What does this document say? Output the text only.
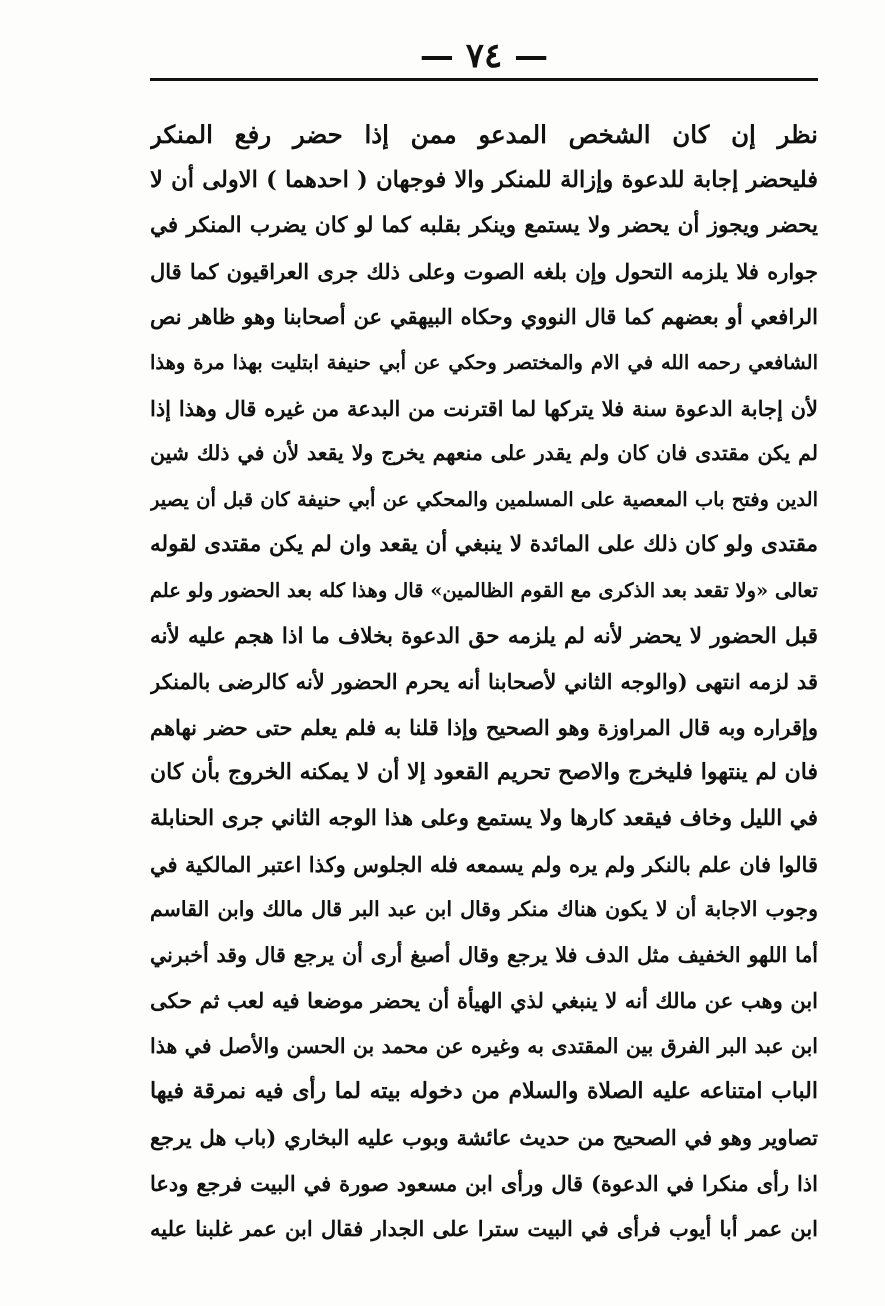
— ٧٤ —
نظر إن كان الشخص المدعو ممن إذا حضر رفع المنكر
فليحضر إجابة للدعوة وإزالة للمنكر والا فوجهان ( احدهما ) الاولى أن لا
يحضر ويجوز أن يحضر ولا يستمع وينكر بقلبه كما لو كان يضرب المنكر في
جواره فلا يلزمه التحول وإن بلغه الصوت وعلى ذلك جرى العراقيون كما قال
الرافعي أو بعضهم كما قال النووي وحكاه البيهقي عن أصحابنا وهو ظاهر نص
الشافعي رحمه الله في الام والمختصر وحكي عن أبي حنيفة ابتليت بهذا مرة وهذا
لأن إجابة الدعوة سنة فلا يتركها لما اقترنت من البدعة من غيره قال وهذا إذا
لم يكن مقتدى فان كان ولم يقدر على منعهم يخرج ولا يقعد لأن في ذلك شين
الدين وفتح باب المعصية على المسلمين والمحكي عن أبي حنيفة كان قبل أن يصير
مقتدى ولو كان ذلك على المائدة لا ينبغي أن يقعد وان لم يكن مقتدى لقوله
تعالى «ولا تقعد بعد الذكرى مع القوم الظالمين» قال وهذا كله بعد الحضور ولو علم
قبل الحضور لا يحضر لأنه لم يلزمه حق الدعوة بخلاف ما اذا هجم عليه لأنه
قد لزمه انتهى (والوجه الثاني لأصحابنا أنه يحرم الحضور لأنه كالرضى بالمنكر
وإقراره وبه قال المراوزة وهو الصحيح وإذا قلنا به فلم يعلم حتى حضر نهاهم
فان لم ينتهوا فليخرج والاصح تحريم القعود إلا أن لا يمكنه الخروج بأن كان
في الليل وخاف فيقعد كارها ولا يستمع وعلى هذا الوجه الثاني جرى الحنابلة
قالوا فان علم بالنكر ولم يره ولم يسمعه فله الجلوس وكذا اعتبر المالكية في
وجوب الاجابة أن لا يكون هناك منكر وقال ابن عبد البر قال مالك وابن القاسم
أما اللهو الخفيف مثل الدف فلا يرجع وقال أصبغ أرى أن يرجع قال وقد أخبرني
ابن وهب عن مالك أنه لا ينبغي لذي الهيأة أن يحضر موضعا فيه لعب ثم حكى
ابن عبد البر الفرق بين المقتدى به وغيره عن محمد بن الحسن والأصل في هذا
الباب امتناعه عليه الصلاة والسلام من دخوله بيته لما رأى فيه نمرقة فيها
تصاوير وهو في الصحيح من حديث عائشة وبوب عليه البخاري (باب هل يرجع
اذا رأى منكرا في الدعوة) قال ورأى ابن مسعود صورة في البيت فرجع ودعا
ابن عمر أبا أيوب فرأى في البيت سترا على الجدار فقال ابن عمر غلبنا عليه
